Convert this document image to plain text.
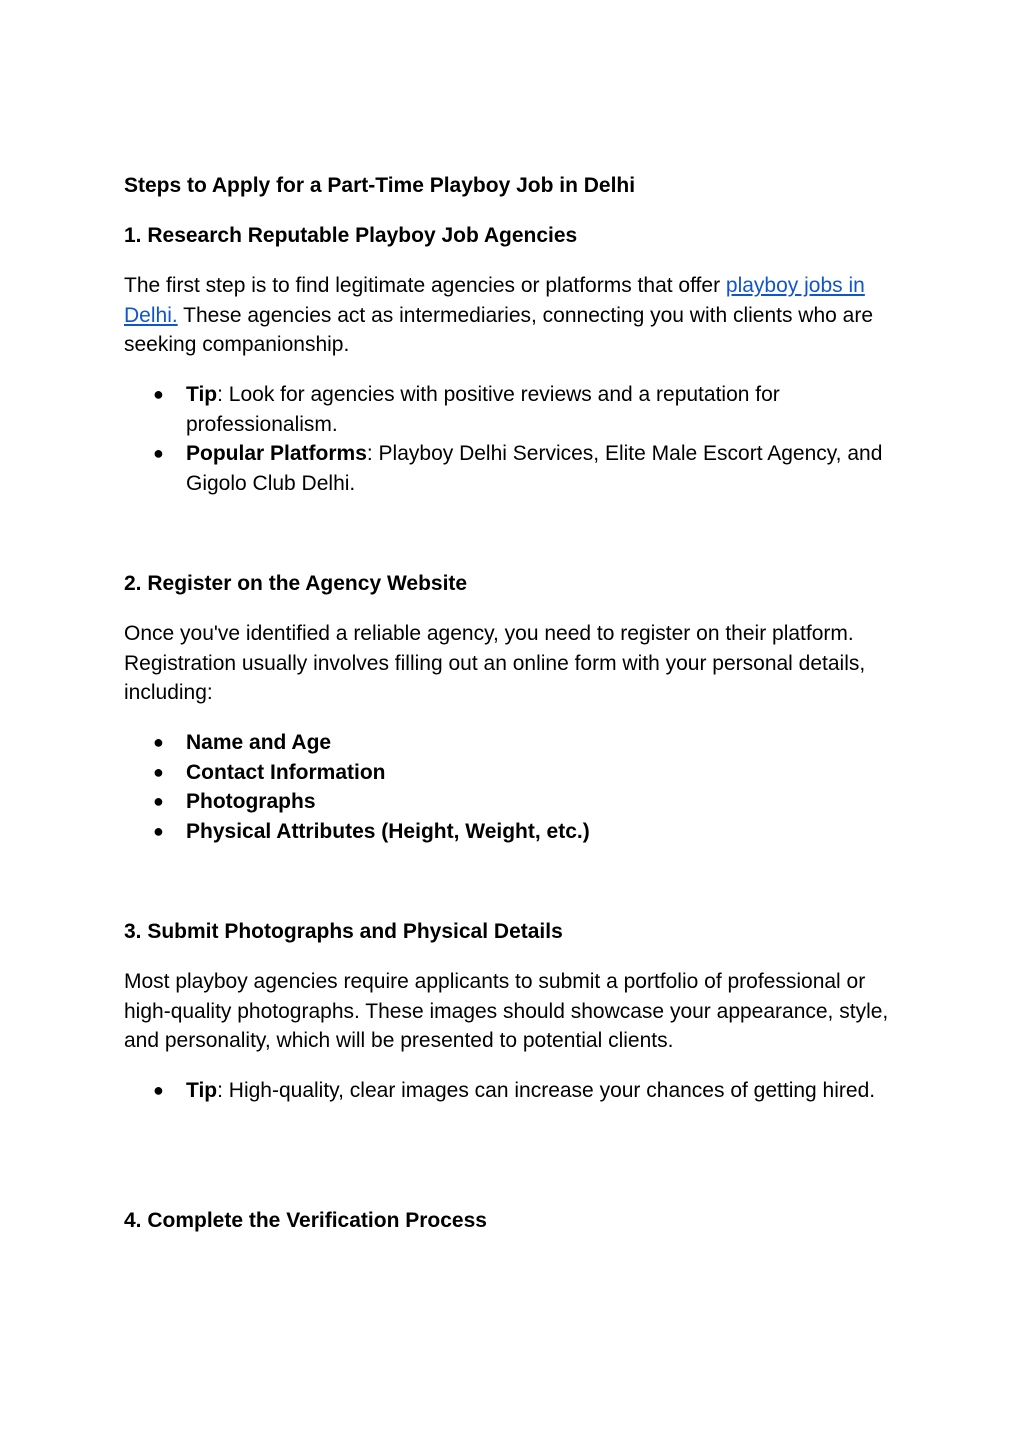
Steps to Apply for a Part-Time Playboy Job in Delhi

1. Research Reputable Playboy Job Agencies

The first step is to find legitimate agencies or platforms that offer playboy jobs in Delhi. These agencies act as intermediaries, connecting you with clients who are seeking companionship.

● Tip: Look for agencies with positive reviews and a reputation for professionalism.
● Popular Platforms: Playboy Delhi Services, Elite Male Escort Agency, and Gigolo Club Delhi.

2. Register on the Agency Website

Once you've identified a reliable agency, you need to register on their platform. Registration usually involves filling out an online form with your personal details, including:

● Name and Age
● Contact Information
● Photographs
● Physical Attributes (Height, Weight, etc.)

3. Submit Photographs and Physical Details

Most playboy agencies require applicants to submit a portfolio of professional or high-quality photographs. These images should showcase your appearance, style, and personality, which will be presented to potential clients.

● Tip: High-quality, clear images can increase your chances of getting hired.

4. Complete the Verification Process
